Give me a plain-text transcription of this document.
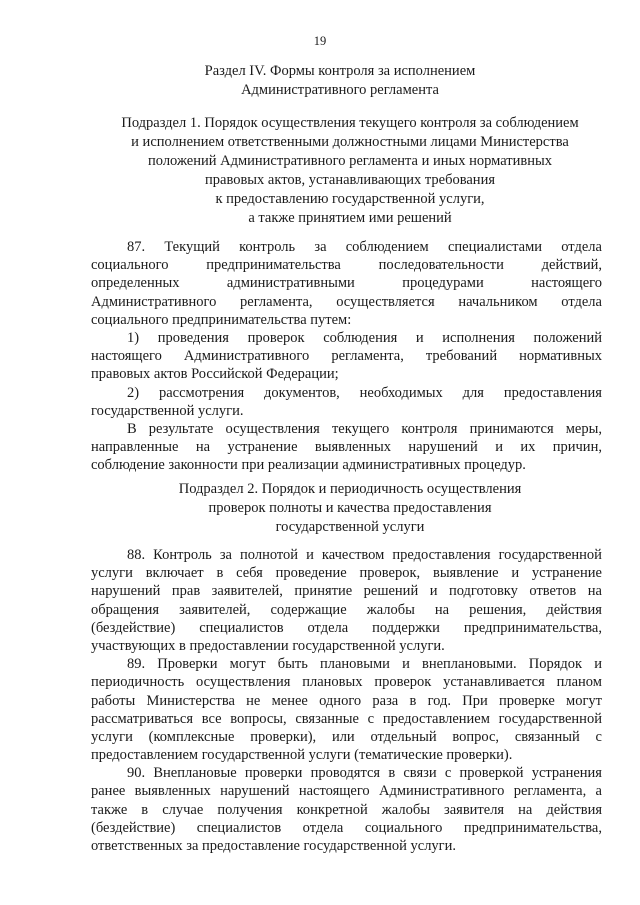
19
Раздел IV. Формы контроля за исполнением
Административного регламента
Подраздел 1. Порядок осуществления текущего контроля за соблюдением
и исполнением ответственными должностными лицами Министерства
положений Административного регламента и иных нормативных
правовых актов, устанавливающих требования
к предоставлению государственной услуги,
а также принятием ими решений
87. Текущий контроль за соблюдением специалистами отдела
социального	предпринимательства	последовательности	действий,
определенных	административными	процедурами	настоящего
Административного регламента, осуществляется начальником отдела
социального предпринимательства путем:
1) проведения проверок соблюдения и исполнения положений
настоящего Административного регламента, требований нормативных
правовых актов Российской Федерации;
2) рассмотрения документов, необходимых для предоставления
государственной услуги.
В результате осуществления текущего контроля принимаются меры,
направленные на устранение выявленных нарушений и их причин,
соблюдение законности при реализации административных процедур.
Подраздел 2. Порядок и периодичность осуществления
проверок полноты и качества предоставления
государственной услуги
88. Контроль за полнотой и качеством предоставления государственной
услуги включает в себя проведение проверок, выявление и устранение
нарушений прав заявителей, принятие решений и подготовку ответов на
обращения заявителей, содержащие жалобы на решения, действия
(бездействие) специалистов отдела поддержки предпринимательства,
участвующих в предоставлении государственной услуги.
89. Проверки могут быть плановыми и внеплановыми. Порядок и
периодичность осуществления плановых проверок устанавливается планом
работы Министерства не менее одного раза в год. При проверке могут
рассматриваться все вопросы, связанные с предоставлением государственной
услуги (комплексные проверки), или отдельный вопрос, связанный с
предоставлением государственной услуги (тематические проверки).
90. Внеплановые проверки проводятся в связи с проверкой устранения
ранее выявленных нарушений настоящего Административного регламента, а
также в случае получения конкретной жалобы заявителя на действия
(бездействие) специалистов отдела социального предпринимательства,
ответственных за предоставление государственной услуги.
